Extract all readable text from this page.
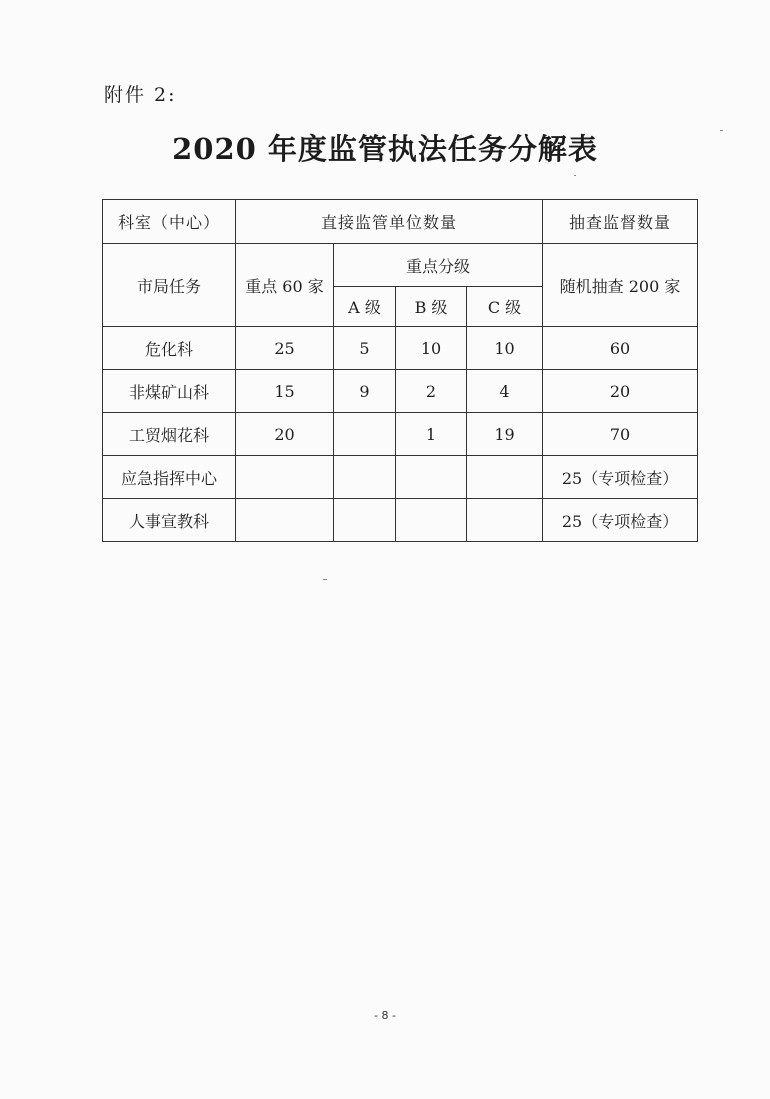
附件 2:
2020 年度监管执法任务分解表
科室（中心）	直接监管单位数量				抽查监督数量
市局任务	重点 60 家	重点分级			随机抽查 200 家
		A 级	B 级	C 级	
危化科	25	5	10	10	60
非煤矿山科	15	9	2	4	20
工贸烟花科	20		1	19	70
应急指挥中心					25（专项检查）
人事宣教科					25（专项检查）
- 8 -
